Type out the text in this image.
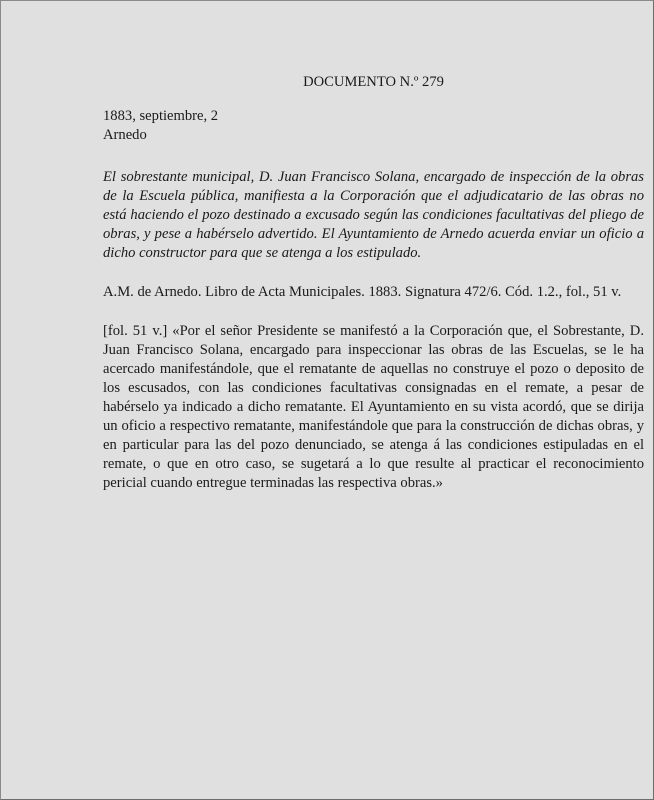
DOCUMENTO N.º 279

1883, septiembre, 2

Arnedo

El sobrestante municipal, D. Juan Francisco Solana, encargado de inspección de la obras de la Escuela pública, manifiesta a la Corporación que el adjudicatario de las obras no está haciendo el pozo destinado a excusado según las condiciones facultativas del pliego de obras, y pese a habérselo advertido. El Ayuntamiento de Arnedo acuerda enviar un oficio a dicho constructor para que se atenga a los estipulado.

A.M. de Arnedo. Libro de Acta Municipales. 1883. Signatura 472/6. Cód. 1.2., fol., 51 v.

[fol. 51 v.] «Por el señor Presidente se manifestó a la Corporación que, el Sobrestante, D. Juan Francisco Solana, encargado para inspeccionar las obras de las Escuelas, se le ha acercado manifestándole, que el rematante de aquellas no construye el pozo o deposito de los escusados, con las condiciones facultativas consignadas en el remate, a pesar de habérselo ya indicado a dicho rematante. El Ayuntamiento en su vista acordó, que se dirija un oficio a respectivo rematante, manifestándole que para la construcción de dichas obras, y en particular para las del pozo denunciado, se atenga á las condiciones estipuladas en el remate, o que en otro caso, se sugetará a lo que resulte al practicar el reconocimiento pericial cuando entregue terminadas las respectiva obras.»
